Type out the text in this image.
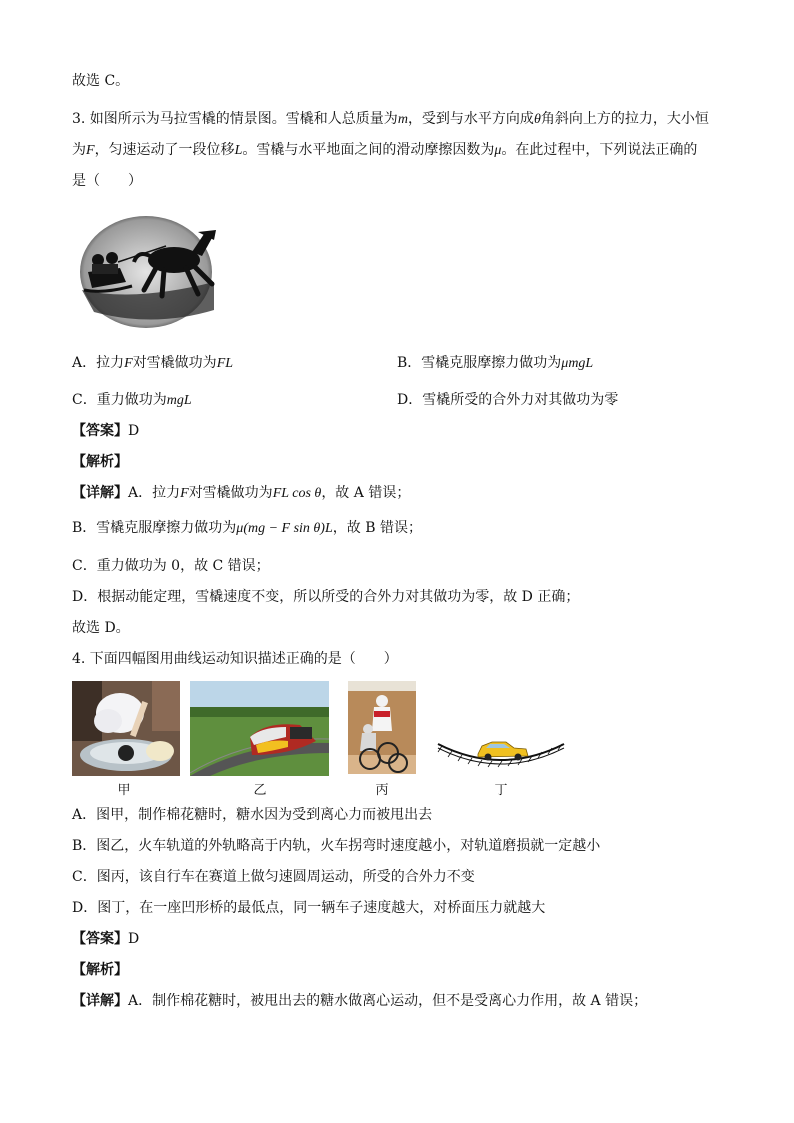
故选 C。
3. 如图所示为马拉雪橇的情景图。雪橇和人总质量为m，受到与水平方向成θ角斜向上方的拉力，大小恒
为F，匀速运动了一段位移L。雪橇与水平地面之间的滑动摩擦因数为μ。在此过程中，下列说法正确的
是（　　）
A．拉力F对雪橇做功为FL	B．雪橇克服摩擦力做功为μmgL
C．重力做功为mgL	D．雪橇所受的合外力对其做功为零
【答案】D
【解析】
【详解】A．拉力F对雪橇做功为FL cos θ，故 A 错误；
B．雪橇克服摩擦力做功为μ(mg − F sin θ)L，故 B 错误；
C．重力做功为 0，故 C 错误；
D．根据动能定理，雪橇速度不变，所以所受的合外力对其做功为零，故 D 正确；
故选 D。
4. 下面四幅图用曲线运动知识描述正确的是（　　）
甲	乙	丙	丁
A．图甲，制作棉花糖时，糖水因为受到离心力而被甩出去
B．图乙，火车轨道的外轨略高于内轨，火车拐弯时速度越小，对轨道磨损就一定越小
C．图丙，该自行车在赛道上做匀速圆周运动，所受的合外力不变
D．图丁，在一座凹形桥的最低点，同一辆车子速度越大，对桥面压力就越大
【答案】D
【解析】
【详解】A．制作棉花糖时，被甩出去的糖水做离心运动，但不是受离心力作用，故 A 错误；
